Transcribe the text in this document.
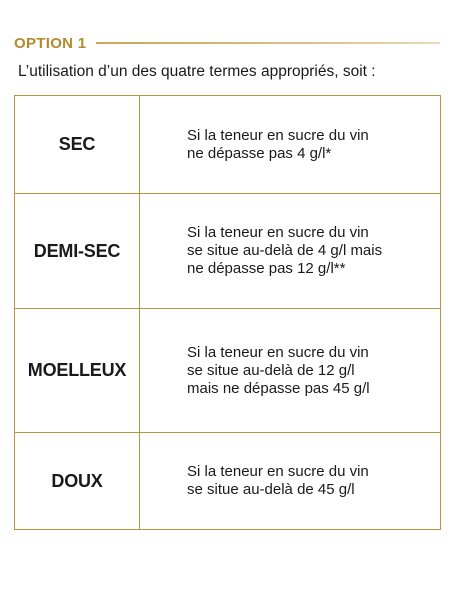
OPTION 1
L’utilisation d’un des quatre termes appropriés, soit :
SEC	Si la teneur en sucre du vin
ne dépasse pas 4 g/l*

DEMI-SEC	Si la teneur en sucre du vin
se situe au-delà de 4 g/l mais
ne dépasse pas 12 g/l**

MOELLEUX	Si la teneur en sucre du vin
se situe au-delà de 12 g/l
mais ne dépasse pas 45 g/l

DOUX	Si la teneur en sucre du vin
se situe au-delà de 45 g/l
